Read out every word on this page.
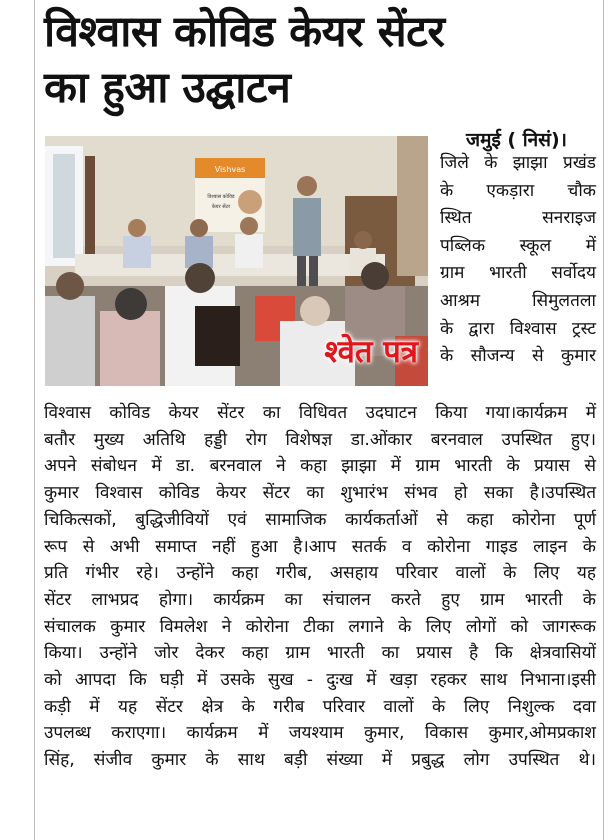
विश्वास कोविड केयर सेंटर
का हुआ उद्घाटन
Vishvas
विश्वास कोविड
केयर सेंटर
श्वेत पत्र
जमुई ( निसं)।

जिले के झाझा प्रखंड

के एकड़ारा चौक

स्थित सनराइज

पब्लिक स्कूल में

ग्राम भारती सर्वोदय

आश्रम सिमुलतला

के द्वारा विश्वास ट्रस्ट

के सौजन्य से कुमार

विश्वास कोविड केयर सेंटर का विधिवत उदघाटन किया गया।कार्यक्रम में

बतौर मुख्य अतिथि हड्डी रोग विशेषज्ञ डा.ओंकार बरनवाल उपस्थित हुए।

अपने संबोधन में डा. बरनवाल ने कहा झाझा में ग्राम भारती के प्रयास से

कुमार विश्वास कोविड केयर सेंटर का शुभारंभ संभव हो सका है।उपस्थित

चिकित्सकों, बुद्धिजीवियों एवं सामाजिक कार्यकर्ताओं से कहा कोरोना पूर्ण

रूप से अभी समाप्त नहीं हुआ है।आप सतर्क व कोरोना गाइड लाइन के

प्रति गंभीर रहे। उन्होंने कहा गरीब, असहाय परिवार वालों के लिए यह

सेंटर लाभप्रद होगा। कार्यक्रम का संचालन करते हुए ग्राम भारती के

संचालक कुमार विमलेश ने कोरोना टीका लगाने के लिए लोगों को जागरूक

किया। उन्होंने जोर देकर कहा ग्राम भारती का प्रयास है कि क्षेत्रवासियों

को आपदा कि घड़ी में उसके सुख - दुःख में खड़ा रहकर साथ निभाना।इसी

कड़ी में यह सेंटर क्षेत्र के गरीब परिवार वालों के लिए निशुल्क दवा

उपलब्ध कराएगा। कार्यक्रम में जयश्याम कुमार, विकास कुमार,ओमप्रकाश

सिंह, संजीव कुमार के साथ बड़ी संख्या में प्रबुद्ध लोग उपस्थित थे।
